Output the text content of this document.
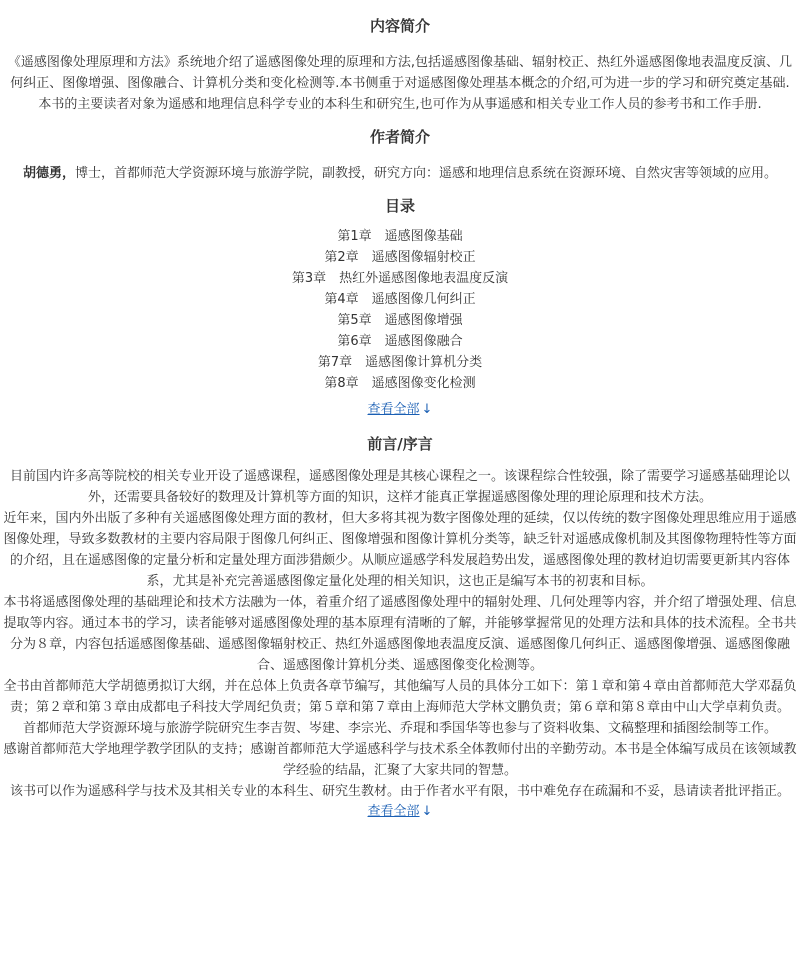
内容简介
《遥感图像处理原理和方法》系统地介绍了遥感图像处理的原理和方法,包括遥感图像基础、辐射校正、热红外遥感图像地表温度反演、几何纠正、图像增强、图像融合、计算机分类和变化检测等.本书侧重于对遥感图像处理基本概念的介绍,可为进一步的学习和研究奠定基础.本书的主要读者对象为遥感和地理信息科学专业的本科生和研究生,也可作为从事遥感和相关专业工作人员的参考书和工作手册.
作者简介
胡德勇，博士，首都师范大学资源环境与旅游学院，副教授，研究方向：遥感和地理信息系统在资源环境、自然灾害等领域的应用。
目录
第1章　遥感图像基础
第2章　遥感图像辐射校正
第3章　热红外遥感图像地表温度反演
第4章　遥感图像几何纠正
第5章　遥感图像增强
第6章　遥感图像融合
第7章　遥感图像计算机分类
第8章　遥感图像变化检测
查看全部 ↓
前言/序言

目前国内许多高等院校的相关专业开设了遥感课程，遥感图像处理是其核心课程之一。该课程综合性较强，除了需要学习遥感基础理论以外，还需要具备较好的数理及计算机等方面的知识，这样才能真正掌握遥感图像处理的理论原理和技术方法。

近年来，国内外出版了多种有关遥感图像处理方面的教材，但大多将其视为数字图像处理的延续，仅以传统的数字图像处理思维应用于遥感图像处理，导致多数教材的主要内容局限于图像几何纠正、图像增强和图像计算机分类等，缺乏针对遥感成像机制及其图像物理特性等方面的介绍，且在遥感图像的定量分析和定量处理方面涉猎颇少。从顺应遥感学科发展趋势出发，遥感图像处理的教材迫切需要更新其内容体系，尤其是补充完善遥感图像定量化处理的相关知识，这也正是编写本书的初衷和目标。

本书将遥感图像处理的基础理论和技术方法融为一体，着重介绍了遥感图像处理中的辐射处理、几何处理等内容，并介绍了增强处理、信息提取等内容。通过本书的学习，读者能够对遥感图像处理的基本原理有清晰的了解，并能够掌握常见的处理方法和具体的技术流程。全书共分为８章，内容包括遥感图像基础、遥感图像辐射校正、热红外遥感图像地表温度反演、遥感图像几何纠正、遥感图像增强、遥感图像融合、遥感图像计算机分类、遥感图像变化检测等。

全书由首都师范大学胡德勇拟订大纲，并在总体上负责各章节编写，其他编写人员的具体分工如下：第１章和第４章由首都师范大学邓磊负责；第２章和第３章由成都电子科技大学周纪负责；第５章和第７章由上海师范大学林文鹏负责；第６章和第８章由中山大学卓莉负责。

首都师范大学资源环境与旅游学院研究生李吉贺、岑建、李宗光、乔琨和季国华等也参与了资料收集、文稿整理和插图绘制等工作。

感谢首都师范大学地理学教学团队的支持；感谢首都师范大学遥感科学与技术系全体教师付出的辛勤劳动。本书是全体编写成员在该领域教学经验的结晶，汇聚了大家共同的智慧。

该书可以作为遥感科学与技术及其相关专业的本科生、研究生教材。由于作者水平有限，书中难免存在疏漏和不妥，恳请读者批评指正。

查看全部 ↓
